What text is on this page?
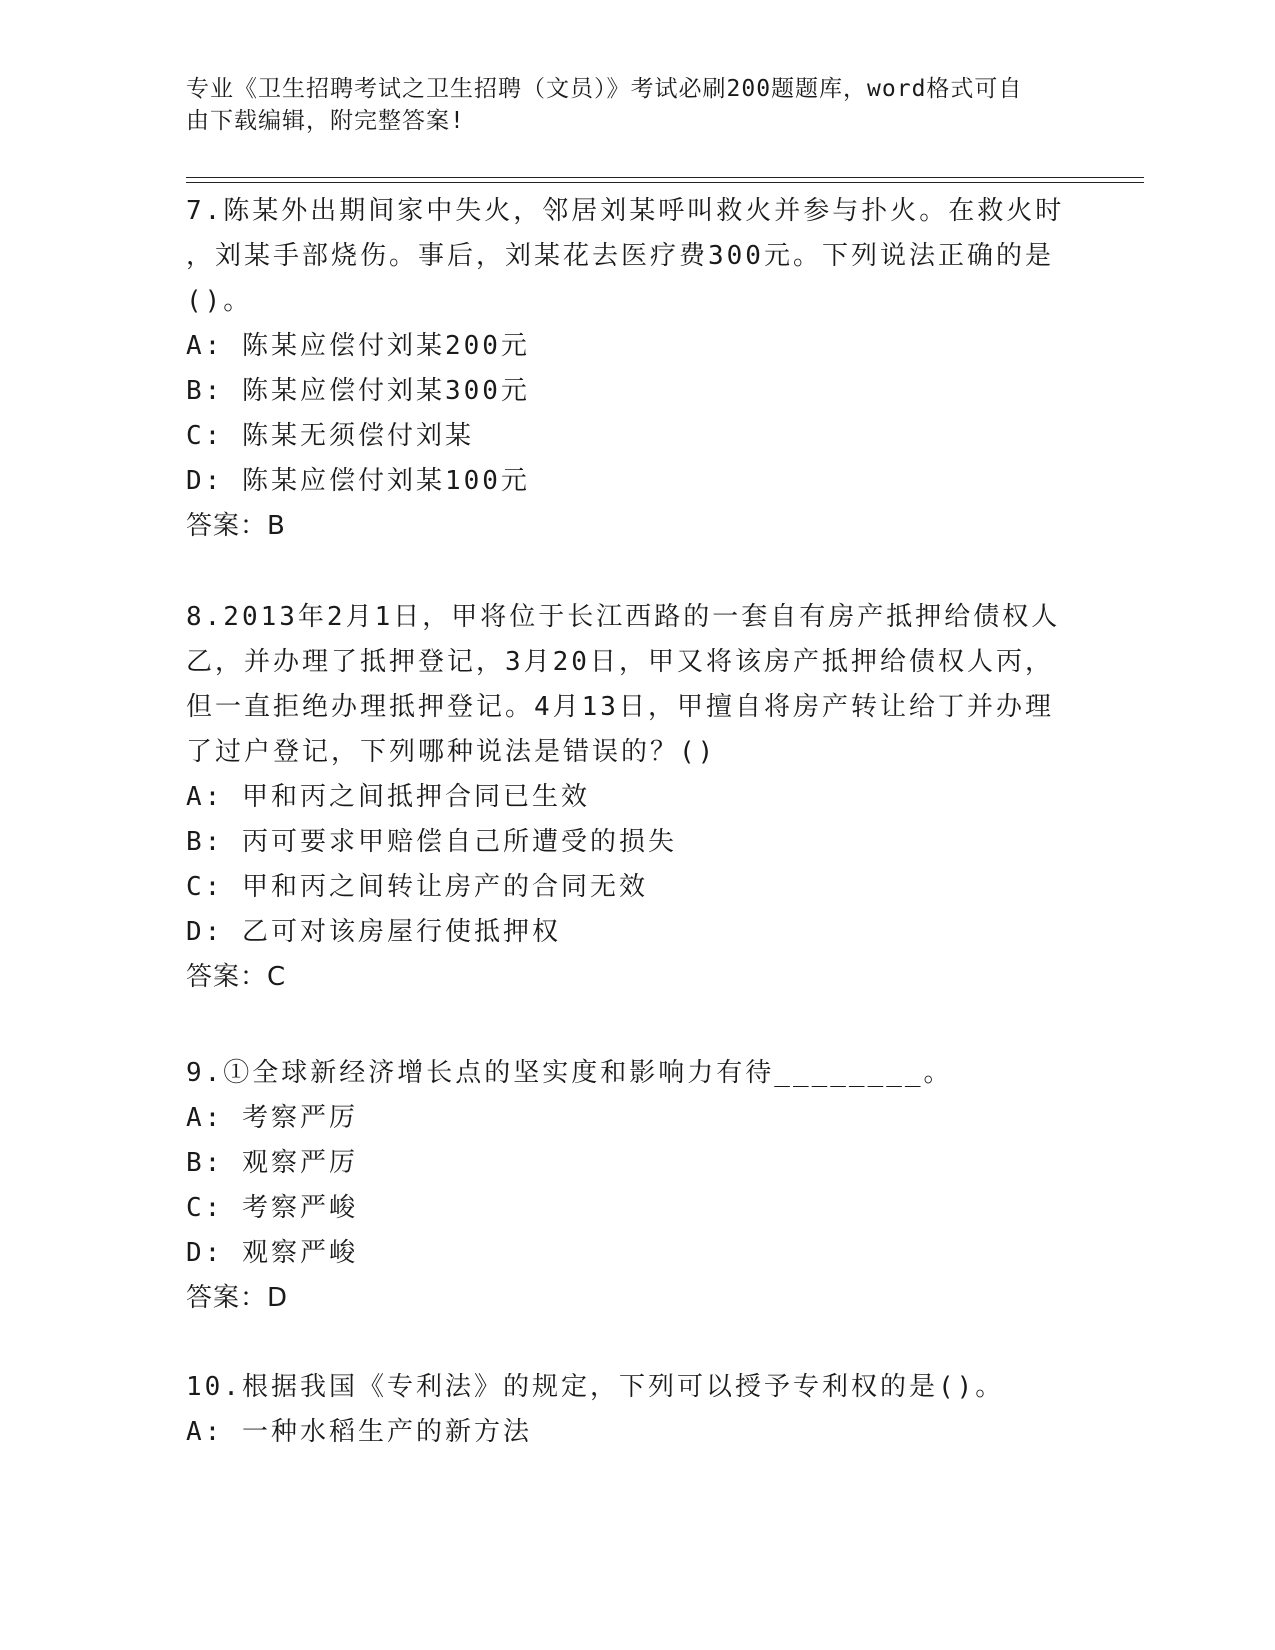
专业《卫生招聘考试之卫生招聘（文员）》考试必刷200题题库，word格式可自
由下载编辑，附完整答案!

7.陈某外出期间家中失火，邻居刘某呼叫救火并参与扑火。在救火时

，刘某手部烧伤。事后，刘某花去医疗费300元。下列说法正确的是

()。

A: 陈某应偿付刘某200元

B: 陈某应偿付刘某300元

C: 陈某无须偿付刘某

D: 陈某应偿付刘某100元

答案：B

8.2013年2月1日，甲将位于长江西路的一套自有房产抵押给债权人

乙，并办理了抵押登记，3月20日，甲又将该房产抵押给债权人丙，

但一直拒绝办理抵押登记。4月13日，甲擅自将房产转让给丁并办理

了过户登记，下列哪种说法是错误的？()

A: 甲和丙之间抵押合同已生效

B: 丙可要求甲赔偿自己所遭受的损失

C: 甲和丙之间转让房产的合同无效

D: 乙可对该房屋行使抵押权

答案：C

9.①全球新经济增长点的坚实度和影响力有待________。

A: 考察严厉

B: 观察严厉

C: 考察严峻

D: 观察严峻

答案：D

10.根据我国《专利法》的规定，下列可以授予专利权的是()。

A: 一种水稻生产的新方法
